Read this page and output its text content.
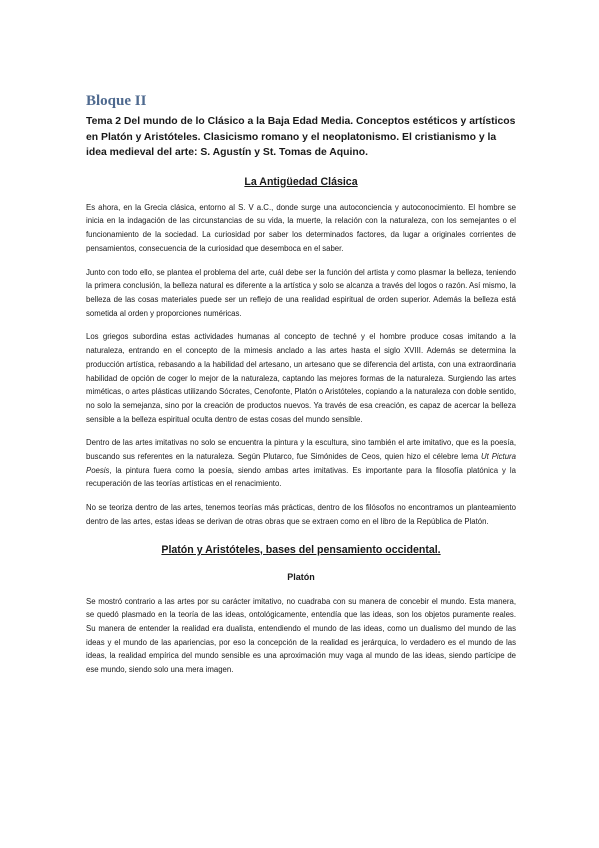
Bloque II
Tema 2 Del mundo de lo Clásico a la Baja Edad Media. Conceptos estéticos y artísticos en Platón y Aristóteles. Clasicismo romano y el neoplatonismo. El cristianismo y la idea medieval del arte: S. Agustín y St. Tomas de Aquino.
La Antigüedad Clásica

Es ahora, en la Grecia clásica, entorno al S. V a.C., donde surge una autoconciencia y autoconocimiento. El hombre se inicia en la indagación de las circunstancias de su vida, la muerte, la relación con la naturaleza, con los semejantes o el funcionamiento de la sociedad. La curiosidad por saber los determinados factores, da lugar a originales corrientes de pensamientos, consecuencia de la curiosidad que desemboca en el saber.

Junto con todo ello, se plantea el problema del arte, cuál debe ser la función del artista y como plasmar la belleza, teniendo la primera conclusión, la belleza natural es diferente a la artística y solo se alcanza a través del logos o razón. Así mismo, la belleza de las cosas materiales puede ser un reflejo de una realidad espiritual de orden superior. Además la belleza está sometida al orden y proporciones numéricas.

Los griegos subordina estas actividades humanas al concepto de techné y el hombre produce cosas imitando a la naturaleza, entrando en el concepto de la mimesis anclado a las artes hasta el siglo XVIII. Además se determina la producción artística, rebasando a la habilidad del artesano, un artesano que se diferencia del artista, con una extraordinaria habilidad de opción de coger lo mejor de la naturaleza, captando las mejores formas de la naturaleza. Surgiendo las artes miméticas, o artes plásticas utilizando Sócrates, Cenofonte, Platón o Aristóteles, copiando a la naturaleza con doble sentido, no solo la semejanza, sino por la creación de productos nuevos. Ya través de esa creación, es capaz de acercar la belleza sensible a la belleza espiritual oculta dentro de estas cosas del mundo sensible.

Dentro de las artes imitativas no solo se encuentra la pintura y la escultura, sino también el arte imitativo, que es la poesía, buscando sus referentes en la naturaleza. Según Plutarco, fue Simónides de Ceos, quien hizo el célebre lema Ut Pictura Poesis, la pintura fuera como la poesía, siendo ambas artes imitativas. Es importante para la filosofía platónica y la recuperación de las teorías artísticas en el renacimiento.

No se teoriza dentro de las artes, tenemos teorías más prácticas, dentro de los filósofos no encontramos un planteamiento dentro de las artes, estas ideas se derivan de otras obras que se extraen como en el libro de la República de Platón.

Platón y Aristóteles, bases del pensamiento occidental.
Platón

Se mostró contrario a las artes por su carácter imitativo, no cuadraba con su manera de concebir el mundo. Esta manera, se quedó plasmado en la teoría de las ideas, ontológicamente, entendía que las ideas, son los objetos puramente reales. Su manera de entender la realidad era dualista, entendiendo el mundo de las ideas, como un dualismo del mundo de las ideas y el mundo de las apariencias, por eso la concepción de la realidad es jerárquica, lo verdadero es el mundo de las ideas, la realidad empírica del mundo sensible es una aproximación muy vaga al mundo de las ideas, siendo partícipe de ese mundo, siendo solo una mera imagen.
